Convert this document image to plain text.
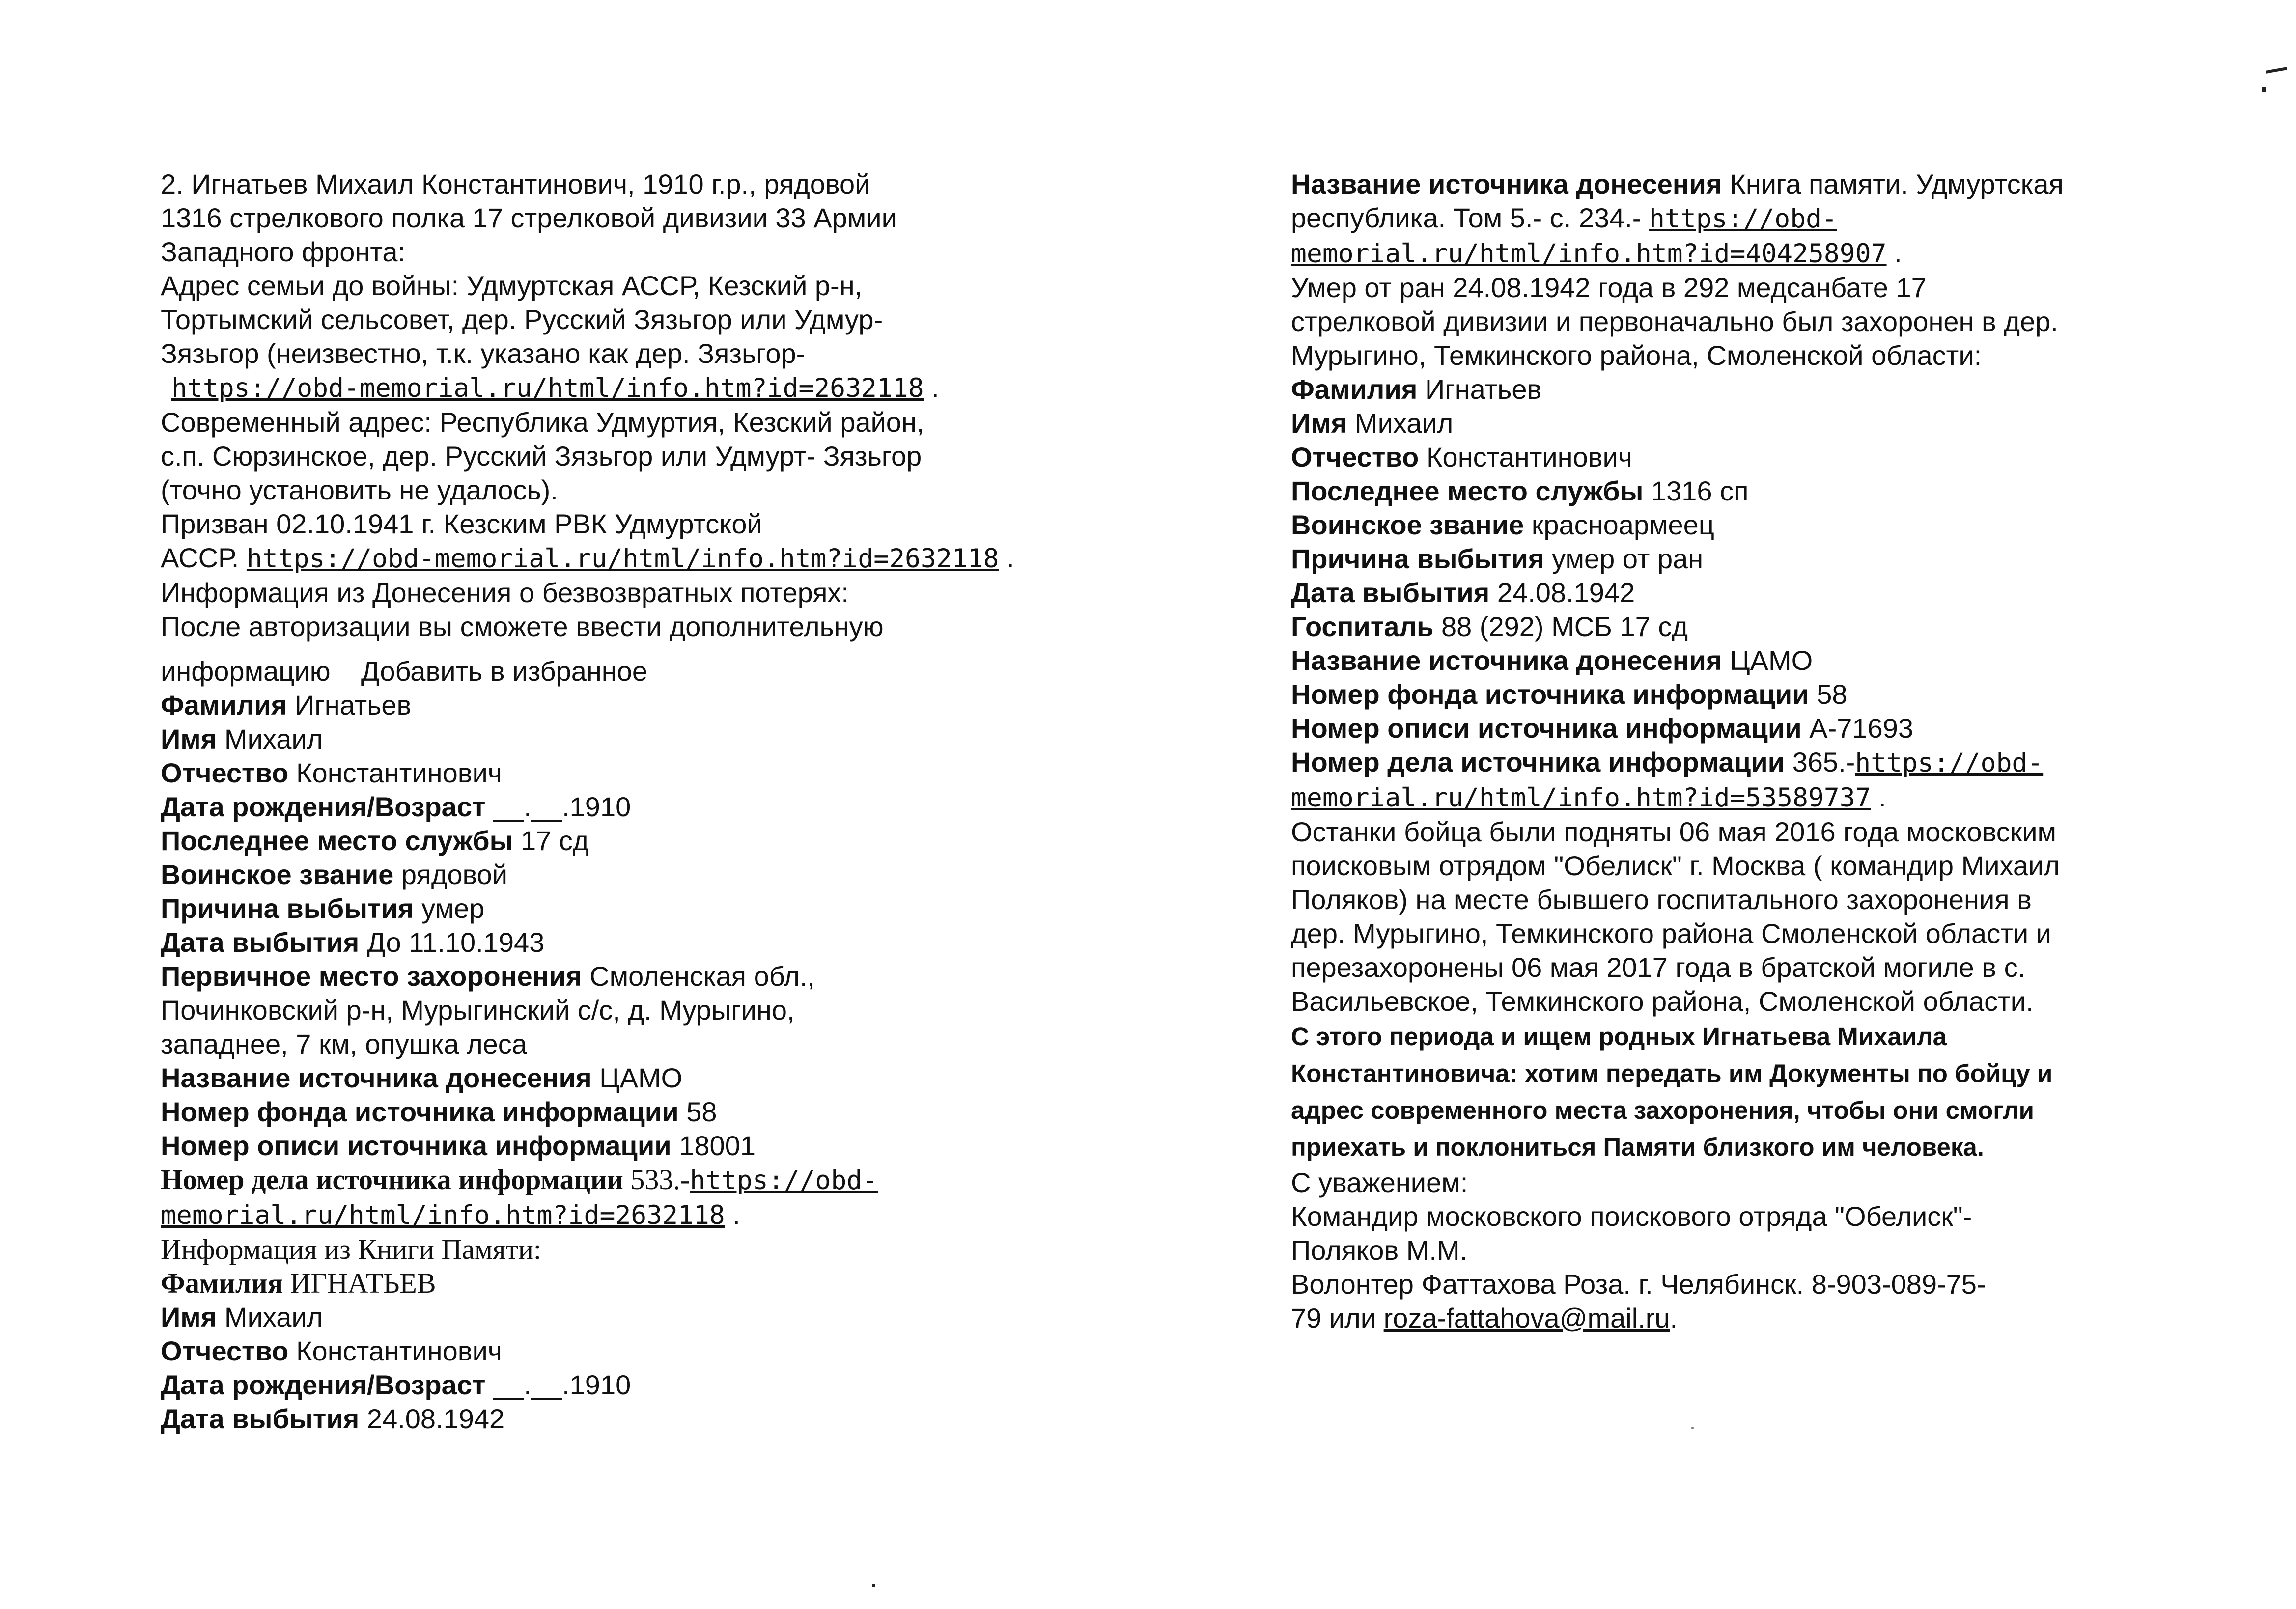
2. Игнатьев Михаил Константинович, 1910 г.р., рядовой
1316 стрелкового полка 17 стрелковой дивизии 33 Армии
Западного фронта:
Адрес семьи до войны: Удмуртская АССР, Кезский р-н,
Тортымский сельсовет, дер. Русский Зязьгор или Удмур-
Зязьгор (неизвестно, т.к. указано как дер. Зязьгор-
https://obd-memorial.ru/html/info.htm?id=2632118 .
Современный адрес: Республика Удмуртия, Кезский район,
с.п. Сюрзинское, дер. Русский Зязьгор или Удмурт- Зязьгор
(точно установить не удалось).
Призван 02.10.1941 г. Кезским РВК Удмуртской
АССР. https://obd-memorial.ru/html/info.htm?id=2632118 .
Информация из Донесения о безвозвратных потерях:
После авторизации вы сможете ввести дополнительную
информацию Добавить в избранное
Фамилия Игнатьев
Имя Михаил
Отчество Константинович
Дата рождения/Возраст __.__.1910
Последнее место службы 17 сд
Воинское звание рядовой
Причина выбытия умер
Дата выбытия До 11.10.1943
Первичное место захоронения Смоленская обл.,
Починковский р-н, Мурыгинский с/с, д. Мурыгино,
западнее, 7 км, опушка леса
Название источника донесения ЦАМО
Номер фонда источника информации 58
Номер описи источника информации 18001
Номер дела источника информации 533.-https://obd-
memorial.ru/html/info.htm?id=2632118 .
Информация из Книги Памяти:
Фамилия ИГНАТЬЕВ
Имя Михаил
Отчество Константинович
Дата рождения/Возраст __.__.1910
Дата выбытия 24.08.1942
Название источника донесения Книга памяти. Удмуртская
республика. Том 5.- с. 234.- https://obd-
memorial.ru/html/info.htm?id=404258907 .
Умер от ран 24.08.1942 года в 292 медсанбате 17
стрелковой дивизии и первоначально был захоронен в дер.
Мурыгино, Темкинского района, Смоленской области:
Фамилия Игнатьев
Имя Михаил
Отчество Константинович
Последнее место службы 1316 сп
Воинское звание красноармеец
Причина выбытия умер от ран
Дата выбытия 24.08.1942
Госпиталь 88 (292) МСБ 17 сд
Название источника донесения ЦАМО
Номер фонда источника информации 58
Номер описи источника информации А-71693
Номер дела источника информации 365.-https://obd-
memorial.ru/html/info.htm?id=53589737 .
Останки бойца были подняты 06 мая 2016 года московским
поисковым отрядом "Обелиск" г. Москва ( командир Михаил
Поляков) на месте бывшего госпитального захоронения в
дер. Мурыгино, Темкинского района Смоленской области и
перезахоронены 06 мая 2017 года в братской могиле в с.
Васильевское, Темкинского района, Смоленской области.
С этого периода и ищем родных Игнатьева Михаила
Константиновича: хотим передать им Документы по бойцу и
адрес современного места захоронения, чтобы они смогли
приехать и поклониться Памяти близкого им человека.
С уважением:
Командир московского поискового отряда "Обелиск"-
Поляков М.М.
Волонтер Фаттахова Роза. г. Челябинск. 8-903-089-75-
79 или roza-fattahova@mail.ru.
